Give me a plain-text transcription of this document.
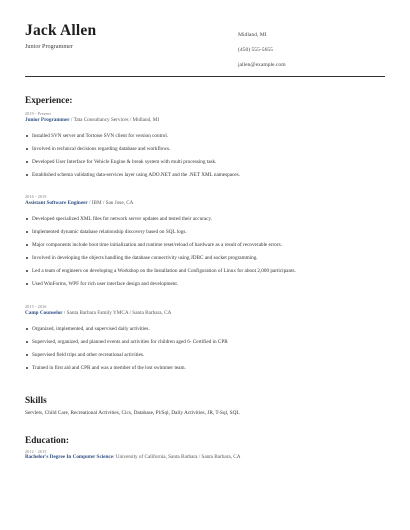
Jack Allen
Junior Programmer
Midland, MI
(450) 555-5655
jallen@example.com
Experience:
2019 - Present
Junior Programmer / Tata Consultancy Services / Midland, MI
Installed SVN server and Tortoise SVN client for version control.
Involved in technical decisions regarding database and workflows.
Developed User Interface for Vehicle Engine & break system with multi processing task.
Established schema validating data-services layer using ADO.NET and the .NET XML namespaces.
2016 - 2019
Assistant Software Engineer / IBM / San Jose, CA
Developed specialized XML files for network server updates and tested their accuracy.
Implemented dynamic database relationship discovery based on SQL logs.
Major components include boot time initialization and runtime reset/reload of hardware as a result of recoverable errors.
Involved in developing the objects handling the database connectivity using JDBC and socket programming.
Led a team of engineers on developing a Workshop on the Installation and Configuration of Linux for about 2,000 participants.
Used WinForms, WPF for rich user interface design and development.
2015 - 2016
Camp Counselor / Santa Barbara Family YMCA / Santa Barbara, CA
Organized, implemented, and supervised daily activities.
Supervised, organized, and planned events and activities for children aged 6- Certified in CPR
Supervised field trips and other recreational activities.
Trained in first aid and CPR and was a member of the lost swimmer team.
Skills
Servlets, Child Care, Recreational Activities, Cics, Database, Pl/Sql, Daily Activities, JR, T-Sql, SQL
Education:
2012 - 2015
Bachelor's Degree In Computer Science/ University of California, Santa Barbara / Santa Barbara, CA
